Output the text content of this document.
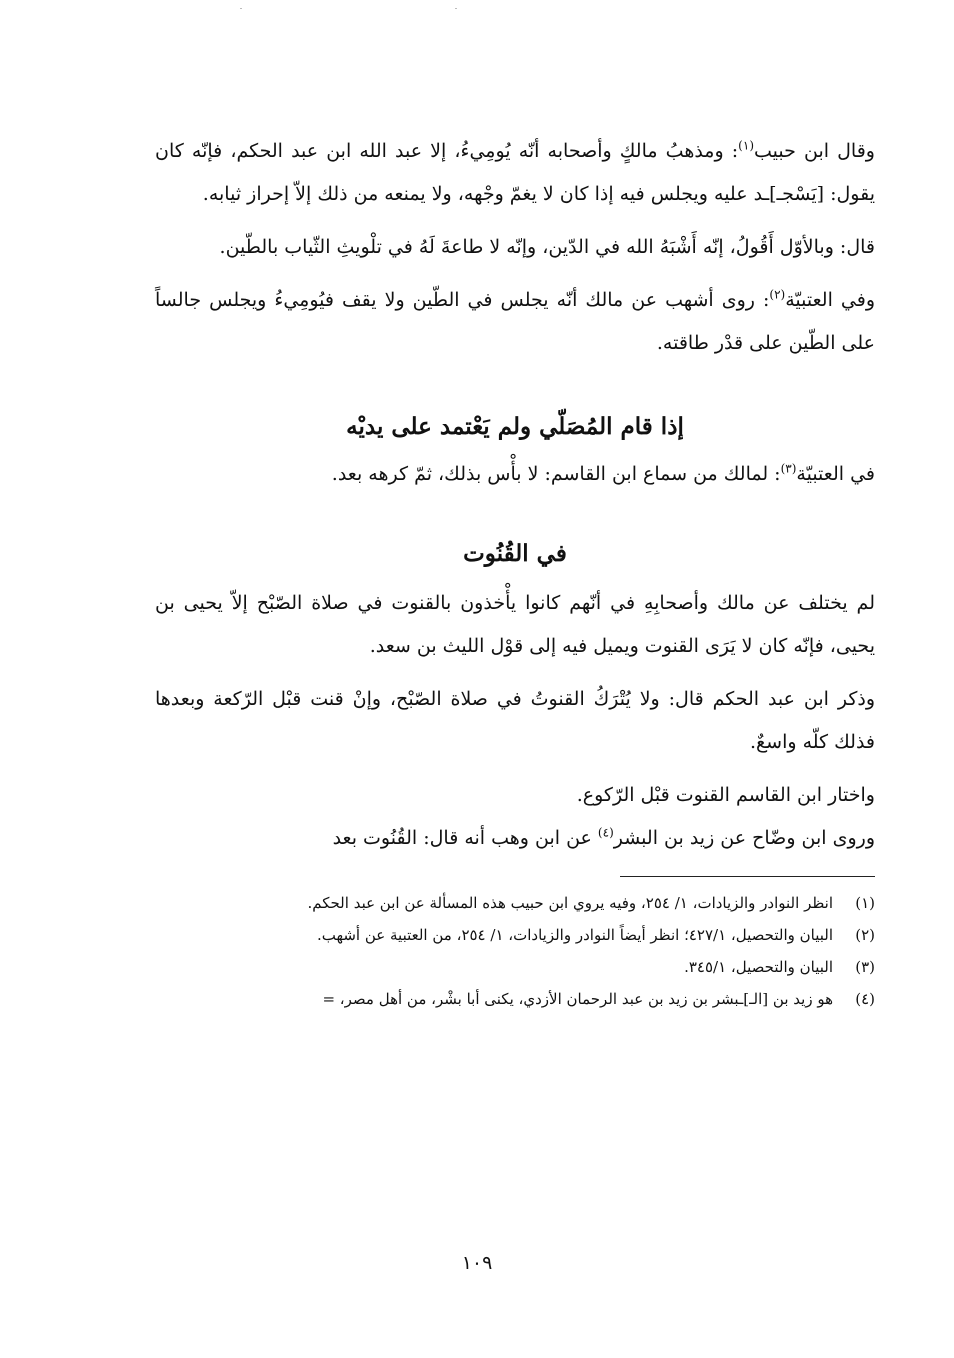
وقال ابن حبيب$^{(١)}$: ومذهبُ مالكٍ وأصحابه أنّه يُومِيءُ، إلا عبد الله ابن عبد الحكم، فإنّه كان يقول: [يَسْجـ]ـد عليه ويجلس فيه إذا كان لا يغمّ وجْهه، ولا يمنعه من ذلك إلاّ إحراز ثيابه.

قال: وبالأوّل أَقُولُ، إنّه أَشْبَهُ الله في الدّين، وإنّه لا طاعةَ لَهُ في تلْويثِ الثّياب بالطّين.

وفي العتبيّة$^{(٢)}$: روى أشهب عن مالك أنّه يجلس في الطّين ولا يقف فيُومِيءُ ويجلس جالساً على الطّين على قدْر طاقته.

إذا قام المُصَلّي ولم يَعْتمد على يديْه

في العتبيّة$^{(٣)}$: لمالك من سماع ابن القاسم: لا بأْس بذلك، ثمّ كرهه بعد.

في القُنُوت

لم يختلف عن مالك وأصحابِهِ في أنّهم كانوا يأْخذون بالقنوت في صلاة الصّبْح إلاّ يحيى بن يحيى، فإنّه كان لا يَرَى القنوت ويميل فيه إلى قوْل الليث بن سعد.

وذكر ابن عبد الحكم قال: ولا يُتْرَكُ القنوتُ في صلاة الصّبْح، وإنْ قنت قبْل الرّكعة وبعدها فذلك كلّه واسعٌ.

واختار ابن القاسم القنوت قبْل الرّكوع.

وروى ابن وضّاح عن زيد بن البشر$^{(٤)}$ عن ابن وهب أنه قال: القُنُوت بعد

(١)
انظر النوادر والزيادات، ١/ ٢٥٤، وفيه يروي ابن حبيب هذه المسألة عن ابن عبد الحكم.
(٢)
البيان والتحصيل، ٤٢٧/١؛ انظر أيضاً النوادر والزيادات، ١/ ٢٥٤، من العتبية عن أشهب.
(٣)
البيان والتحصيل، ٣٤٥/١.
(٤)
هو زيد بن [الـ]ـبشر بن زيد بن عبد الرحمان الأزدي، يكنى أبا بشْر، من أهل مصر، =
١٠٩
